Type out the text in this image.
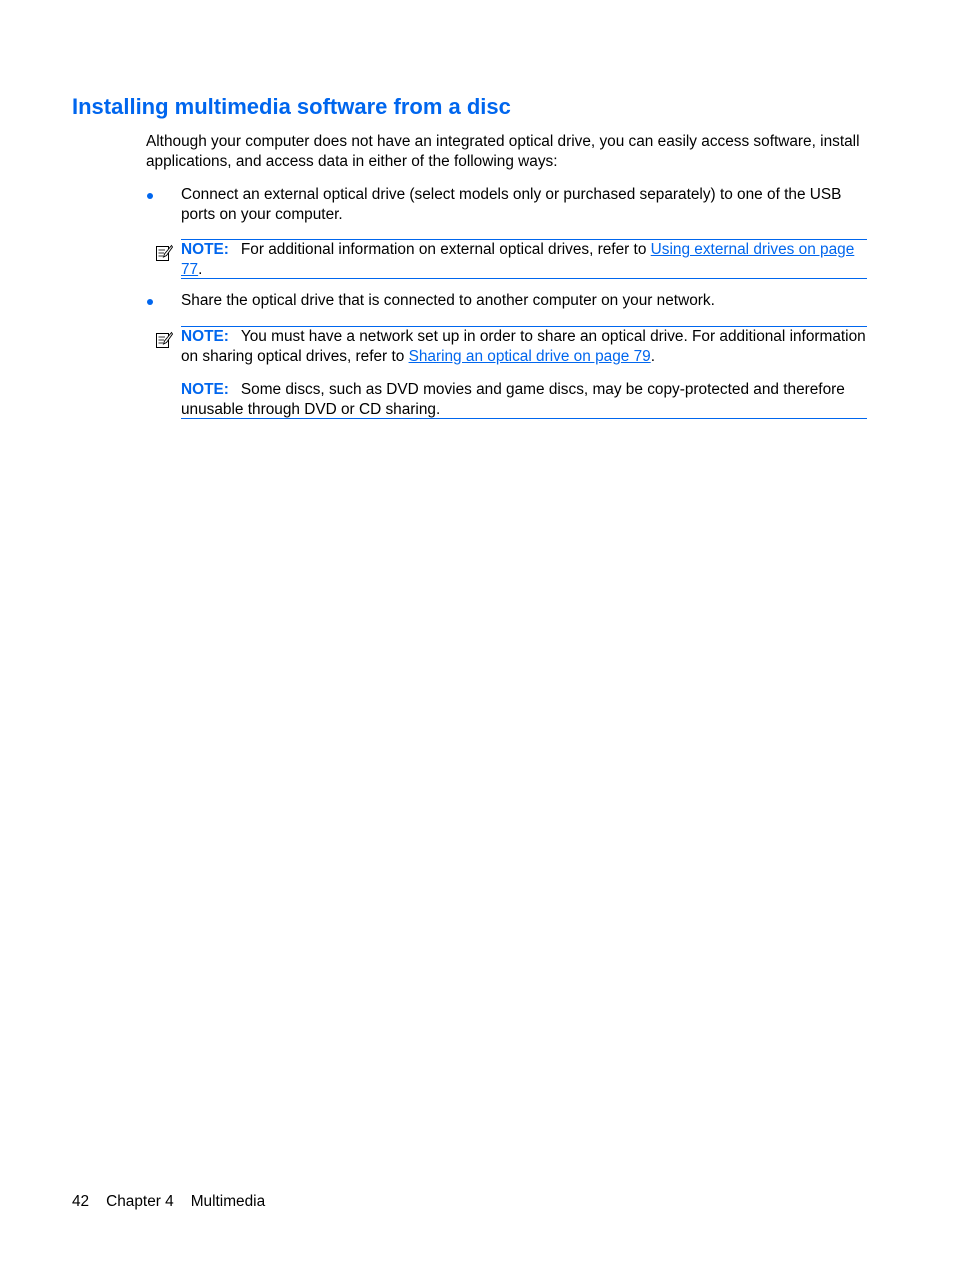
Installing multimedia software from a disc

Although your computer does not have an integrated optical drive, you can easily access software, install applications, and access data in either of the following ways:

Connect an external optical drive (select models only or purchased separately) to one of the USB ports on your computer.

NOTE: For additional information on external optical drives, refer to Using external drives on page 77.

Share the optical drive that is connected to another computer on your network.

NOTE: You must have a network set up in order to share an optical drive. For additional information on sharing optical drives, refer to Sharing an optical drive on page 79.

NOTE: Some discs, such as DVD movies and game discs, may be copy-protected and therefore unusable through DVD or CD sharing.

42 Chapter 4 Multimedia
